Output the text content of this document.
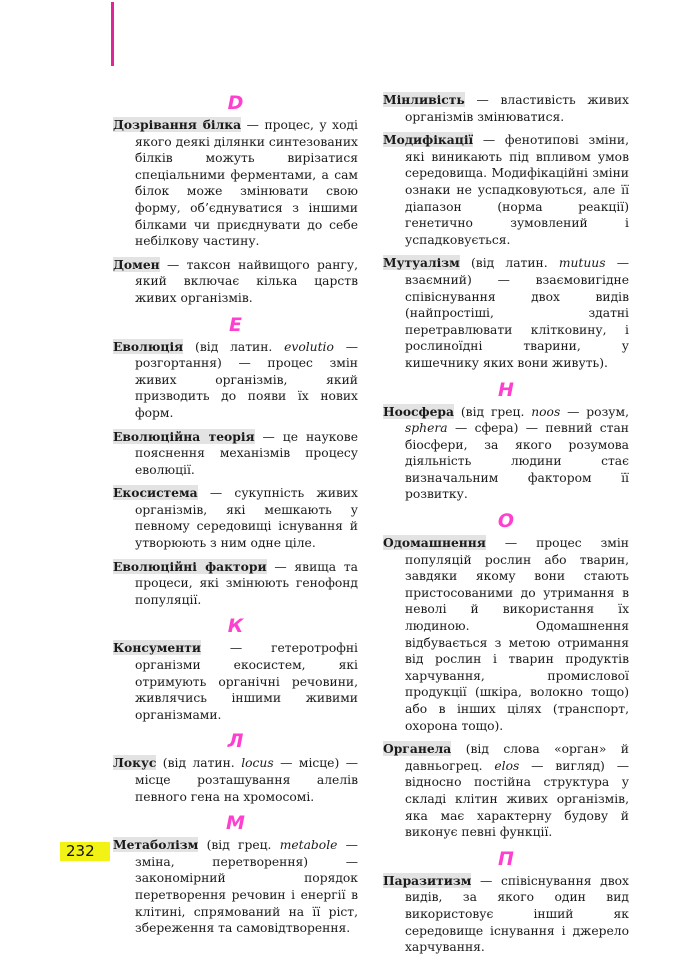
D

Дозрівання білка — процес, у ході якого деякі ділянки синтезованих білків можуть вирізатися спеціальними ферментами, а сам білок може змінювати свою форму, об’єднуватися з іншими білками чи приєднувати до себе небілкову частину.

Домен — таксон найвищого рангу, який включає кілька царств живих організмів.

Е

Еволюція (від латин. evolutio — розгортання) — процес змін живих організмів, який призводить до появи їх нових форм.

Еволюційна теорія — це наукове пояснення механізмів процесу еволюції.

Екосистема — сукупність живих організмів, які мешкають у певному середовищі існування й утворюють з ним одне ціле.

Еволюційні фактори — явища та процеси, які змінюють генофонд популяції.

К

Консументи — гетеротрофні організми екосистем, які отримують органічні речовини, живлячись іншими живими організмами.

Л

Локус (від латин. locus — місце) — місце розташування алелів певного гена на хромосомі.

М

Метаболізм (від грец. metabole — зміна, перетворення) — закономірний порядок перетворення речовин і енергії в клітині, спрямований на її ріст, збереження та самовідтворення.

Мінливість — властивість живих організмів змінюватися.

Модифікації — фенотипові зміни, які виникають під впливом умов середовища. Модифікаційні зміни ознаки не успадковуються, але її діапазон (норма реакції) генетично зумовлений і успадковується.

Мутуалізм (від латин. mutuus — взаємний) — взаємовигідне співіснування двох видів (найпростіші, здатні перетравлювати клітковину, і рослиноїдні тварини, у кишечнику яких вони живуть).

Н

Ноосфера (від грец. noos — розум, sphera — сфера) — певний стан біосфери, за якого розумова діяльність людини стає визначальним фактором її розвитку.

О

Одомашнення — процес змін популяцій рослин або тварин, завдяки якому вони стають пристосованими до утримання в неволі й використання їх людиною. Одомашнення відбувається з метою отримання від рослин і тварин продуктів харчування, промислової продукції (шкіра, волокно тощо) або в інших цілях (транспорт, охорона тощо).

Органела (від слова «орган» й давньогрец. elos — вигляд) — відносно постійна структура у складі клітин живих організмів, яка має характерну будову й виконує певні функції.

П

Паразитизм — співіснування двох видів, за якого один вид використовує інший як середовище існування і джерело харчування.

232
